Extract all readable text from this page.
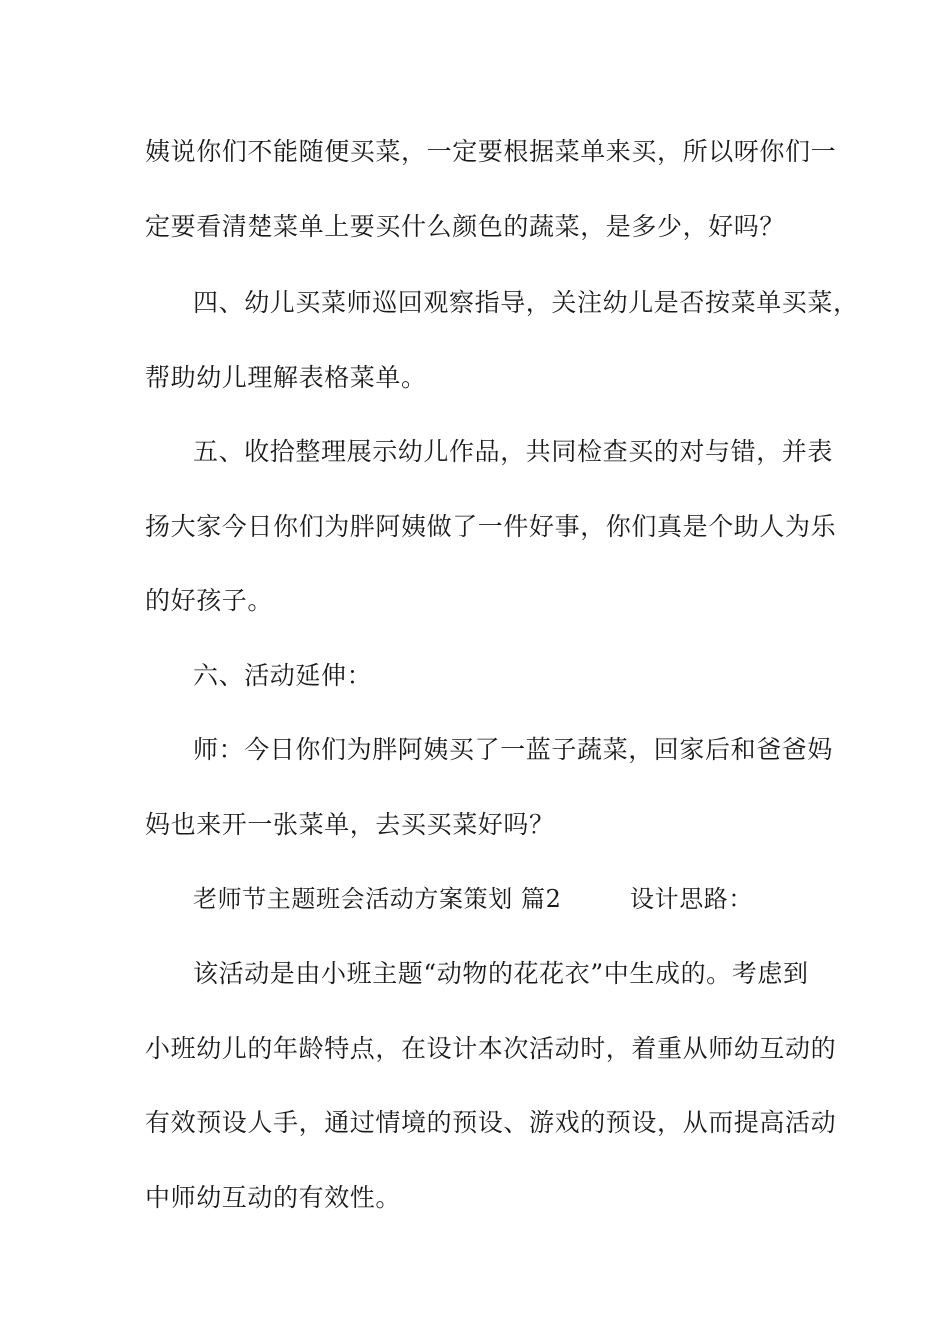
姨说你们不能随便买菜，一定要根据菜单来买，所以呀你们一
定要看清楚菜单上要买什么颜色的蔬菜，是多少，好吗？
四、幼儿买菜师巡回观察指导，关注幼儿是否按菜单买菜，
帮助幼儿理解表格菜单。
五、收拾整理展示幼儿作品，共同检查买的对与错，并表
扬大家今日你们为胖阿姨做了一件好事，你们真是个助人为乐
的好孩子。
六、活动延伸：
师：今日你们为胖阿姨买了一蓝子蔬菜，回家后和爸爸妈
妈也来开一张菜单，去买买菜好吗？
老师节主题班会活动方案策划 篇2	设计思路：
该活动是由小班主题“动物的花花衣”中生成的。考虑到
小班幼儿的年龄特点，在设计本次活动时，着重从师幼互动的
有效预设人手，通过情境的预设、游戏的预设，从而提高活动
中师幼互动的有效性。
